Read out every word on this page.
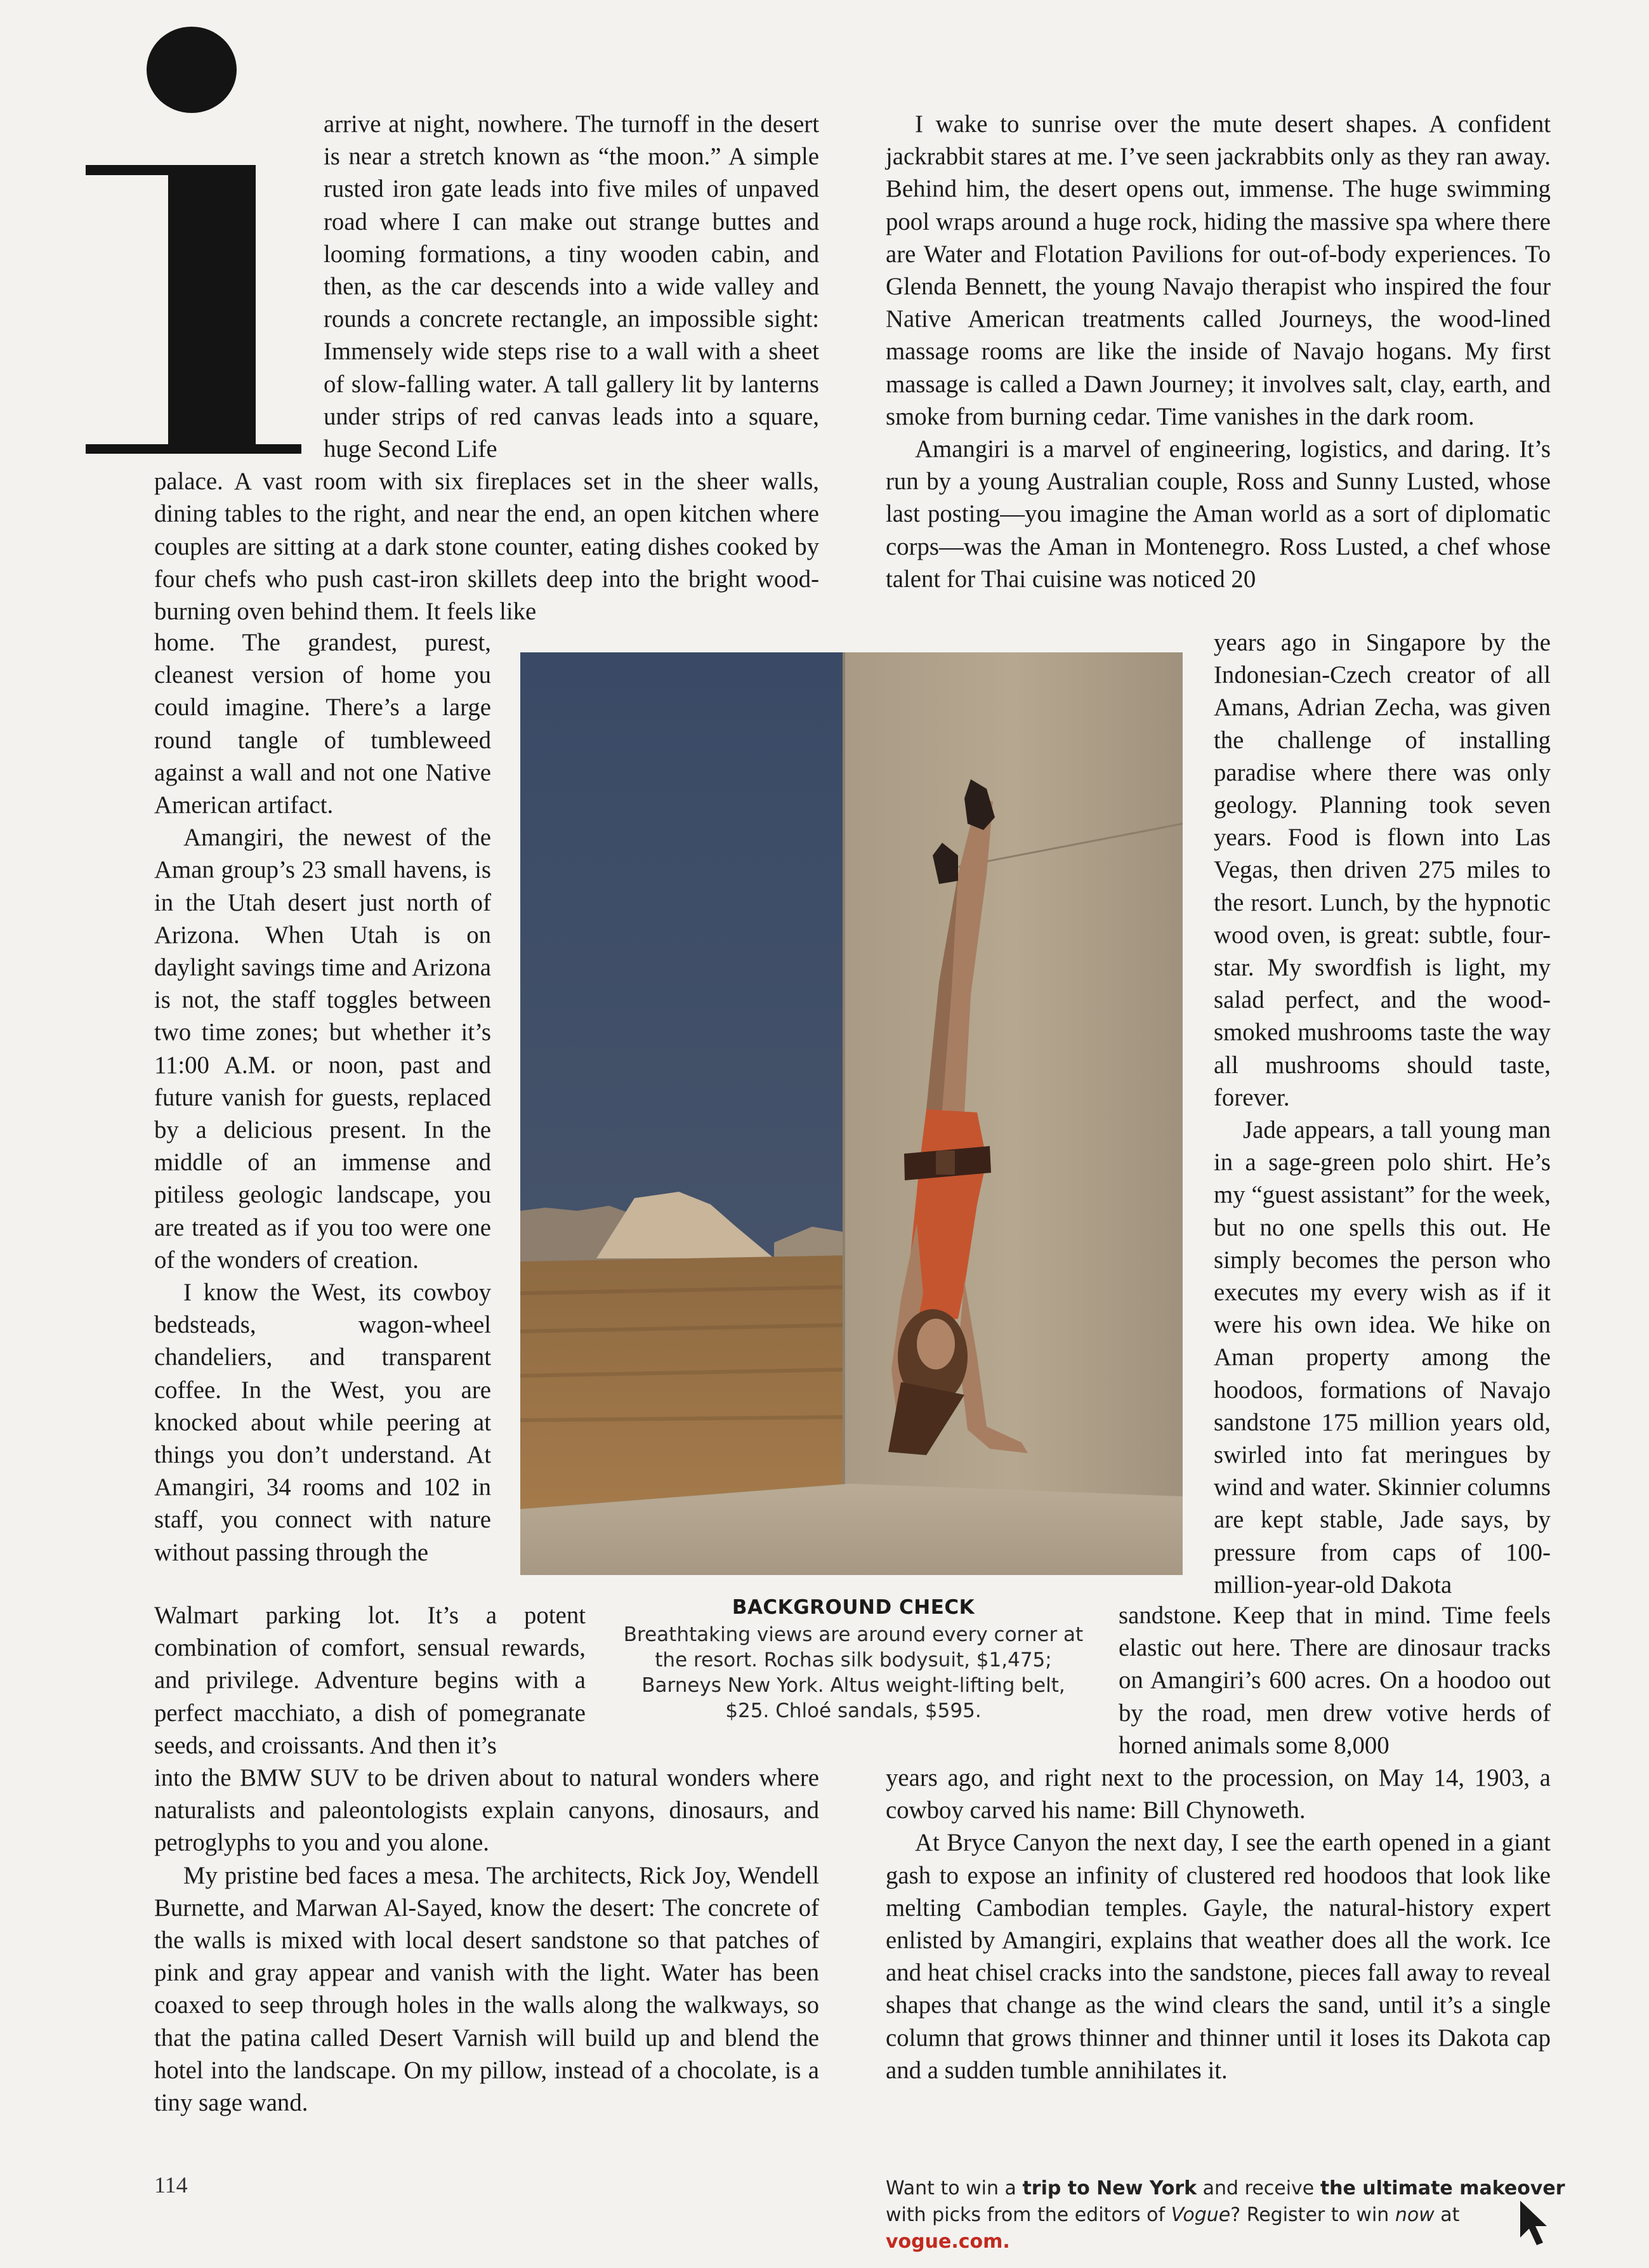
arrive at night, nowhere. The turnoff in the desert is near a stretch known as “the moon.” A simple rusted iron gate leads into five miles of unpaved road where I can make out strange buttes and looming formations, a tiny wooden cabin, and then, as the car descends into a wide valley and rounds a concrete rectangle, an impossible sight: Immensely wide steps rise to a wall with a sheet of slow-falling water. A tall gallery lit by lanterns under strips of red canvas leads into a square, huge Second Life

palace. A vast room with six fireplaces set in the sheer walls, dining tables to the right, and near the end, an open kitchen where couples are sitting at a dark stone counter, eating dishes cooked by four chefs who push cast-iron skillets deep into the bright wood-burning oven behind them. It feels like

home. The grandest, purest, cleanest version of home you could imagine. There’s a large round tangle of tumbleweed against a wall and not one Native American artifact.

Amangiri, the newest of the Aman group’s 23 small havens, is in the Utah desert just north of Arizona. When Utah is on daylight savings time and Arizona is not, the staff toggles between two time zones; but whether it’s 11:00 A.M. or noon, past and future vanish for guests, replaced by a delicious present. In the middle of an immense and pitiless geologic landscape, you are treated as if you too were one of the wonders of creation.

I know the West, its cowboy bedsteads, wagon-wheel chandeliers, and transparent coffee. In the West, you are knocked about while peering at things you don’t understand. At Amangiri, 34 rooms and 102 in staff, you connect with nature without passing through the

Walmart parking lot. It’s a potent combination of comfort, sensual rewards, and privilege. Adventure begins with a perfect macchiato, a dish of pomegranate seeds, and croissants. And then it’s

into the BMW SUV to be driven about to natural wonders where naturalists and paleontologists explain canyons, dinosaurs, and petroglyphs to you and you alone.

My pristine bed faces a mesa. The architects, Rick Joy, Wendell Burnette, and Marwan Al-Sayed, know the desert: The concrete of the walls is mixed with local desert sandstone so that patches of pink and gray appear and vanish with the light. Water has been coaxed to seep through holes in the walls along the walkways, so that the patina called Desert Varnish will build up and blend the hotel into the landscape. On my pillow, instead of a chocolate, is a tiny sage wand.

I wake to sunrise over the mute desert shapes. A confident jackrabbit stares at me. I’ve seen jackrabbits only as they ran away. Behind him, the desert opens out, immense. The huge swimming pool wraps around a huge rock, hiding the massive spa where there are Water and Flotation Pavilions for out-of-body experiences. To Glenda Bennett, the young Navajo therapist who inspired the four Native American treatments called Journeys, the wood-lined massage rooms are like the inside of Navajo hogans. My first massage is called a Dawn Journey; it involves salt, clay, earth, and smoke from burning cedar. Time vanishes in the dark room.

Amangiri is a marvel of engineering, logistics, and daring. It’s run by a young Australian couple, Ross and Sunny Lusted, whose last posting—you imagine the Aman world as a sort of diplomatic corps—was the Aman in Montenegro. Ross Lusted, a chef whose talent for Thai cuisine was noticed 20

years ago in Singapore by the Indonesian-Czech creator of all Amans, Adrian Zecha, was given the challenge of installing paradise where there was only geology. Planning took seven years. Food is flown into Las Vegas, then driven 275 miles to the resort. Lunch, by the hypnotic wood oven, is great: subtle, four-star. My swordfish is light, my salad perfect, and the wood-smoked mushrooms taste the way all mushrooms should taste, forever.

Jade appears, a tall young man in a sage-green polo shirt. He’s my “guest assistant” for the week, but no one spells this out. He simply becomes the person who executes my every wish as if it were his own idea. We hike on Aman property among the hoodoos, formations of Navajo sandstone 175 million years old, swirled into fat meringues by wind and water. Skinnier columns are kept stable, Jade says, by pressure from caps of 100-million-year-old Dakota

sandstone. Keep that in mind. Time feels elastic out here. There are dinosaur tracks on Amangiri’s 600 acres. On a hoodoo out by the road, men drew votive herds of horned animals some 8,000

years ago, and right next to the procession, on May 14, 1903, a cowboy carved his name: Bill Chynoweth.

At Bryce Canyon the next day, I see the earth opened in a giant gash to expose an infinity of clustered red hoodoos that look like melting Cambodian temples. Gayle, the natural-history expert enlisted by Amangiri, explains that weather does all the work. Ice and heat chisel cracks into the sandstone, pieces fall away to reveal shapes that change as the wind clears the sand, until it’s a single column that grows thinner and thinner until it loses its Dakota cap and a sudden tumble annihilates it.

BACKGROUND CHECK
Breathtaking views are around every corner at the resort. Rochas silk bodysuit, $1,475; Barneys New York. Altus weight-lifting belt, $25. Chloé sandals, $595.
114	Want to win a trip to New York and receive the ultimate makeover with picks from the editors of Vogue? Register to win now at vogue.com.
